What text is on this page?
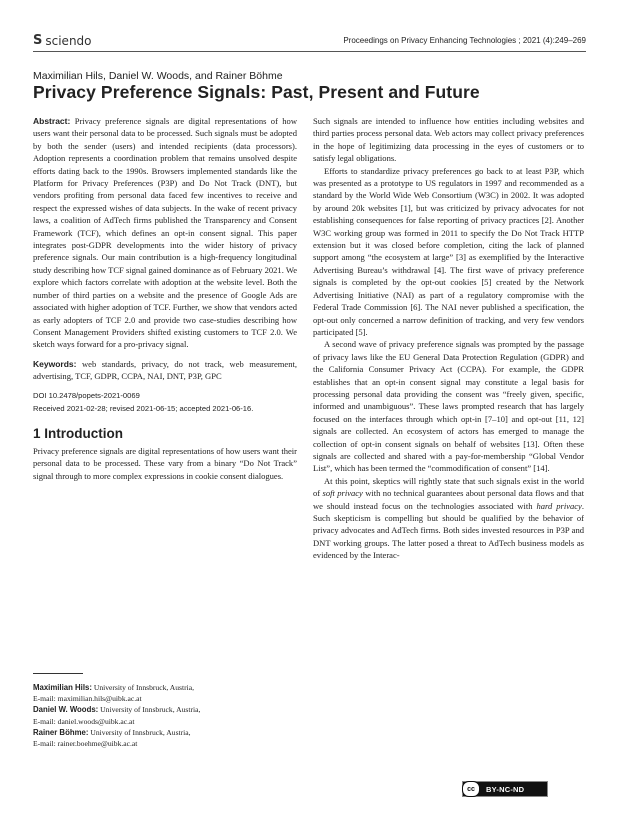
S sciendo	Proceedings on Privacy Enhancing Technologies ; 2021 (4):249–269
Maximilian Hils, Daniel W. Woods, and Rainer Böhme
Privacy Preference Signals: Past, Present and Future

Abstract: Privacy preference signals are digital representations of how users want their personal data to be processed. Such signals must be adopted by both the sender (users) and intended recipients (data processors). Adoption represents a coordination problem that remains unsolved despite efforts dating back to the 1990s. Browsers implemented standards like the Platform for Privacy Preferences (P3P) and Do Not Track (DNT), but vendors profiting from personal data faced few incentives to receive and respect the expressed wishes of data subjects. In the wake of recent privacy laws, a coalition of AdTech firms published the Transparency and Consent Framework (TCF), which defines an opt-in consent signal. This paper integrates post-GDPR developments into the wider history of privacy preference signals. Our main contribution is a high-frequency longitudinal study describing how TCF signal gained dominance as of February 2021. We explore which factors correlate with adoption at the website level. Both the number of third parties on a website and the presence of Google Ads are associated with higher adoption of TCF. Further, we show that vendors acted as early adopters of TCF 2.0 and provide two case-studies describing how Consent Management Providers shifted existing customers to TCF 2.0. We sketch ways forward for a pro-privacy signal.

Keywords: web standards, privacy, do not track, web measurement, advertising, TCF, GDPR, CCPA, NAI, DNT, P3P, GPC

DOI 10.2478/popets-2021-0069
Received 2021-02-28; revised 2021-06-15; accepted 2021-06-16.
1 Introduction

Privacy preference signals are digital representations of how users want their personal data to be processed. These vary from a binary “Do Not Track” signal through to more complex expressions in cookie consent dialogues.

Maximilian Hils: University of Innsbruck, Austria,
E-mail: maximilian.hils@uibk.ac.at
Daniel W. Woods: University of Innsbruck, Austria,
E-mail: daniel.woods@uibk.ac.at
Rainer Böhme: University of Innsbruck, Austria,
E-mail: rainer.boehme@uibk.ac.at

Such signals are intended to influence how entities including websites and third parties process personal data. Web actors may collect privacy preferences in the hope of legitimizing data processing in the eyes of customers or to satisfy legal obligations.

Efforts to standardize privacy preferences go back to at least P3P, which was presented as a prototype to US regulators in 1997 and recommended as a standard by the World Wide Web Consortium (W3C) in 2002. It was adopted by around 20k websites [1], but was criticized by privacy advocates for not establishing consequences for false reporting of privacy practices [2]. Another W3C working group was formed in 2011 to specify the Do Not Track HTTP extension but it was closed before completion, citing the lack of planned support among “the ecosystem at large” [3] as exemplified by the Interactive Advertising Bureau’s withdrawal [4]. The first wave of privacy preference signals is completed by the opt-out cookies [5] created by the Network Advertising Initiative (NAI) as part of a regulatory compromise with the Federal Trade Commission [6]. The NAI never published a specification, the opt-out only concerned a narrow definition of tracking, and very few vendors participated [5].

A second wave of privacy preference signals was prompted by the passage of privacy laws like the EU General Data Protection Regulation (GDPR) and the California Consumer Privacy Act (CCPA). For example, the GDPR establishes that an opt-in consent signal may constitute a legal basis for processing personal data providing the consent was “freely given, specific, informed and unambiguous”. These laws prompted research that has largely focused on the interfaces through which opt-in [7–10] and opt-out [11, 12] signals are collected. An ecosystem of actors has emerged to manage the collection of opt-in consent signals on behalf of websites [13]. Often these signals are collected and shared with a pay-for-membership “Global Vendor List”, which has been termed the “commodification of consent” [14].

At this point, skeptics will rightly state that such signals exist in the world of soft privacy with no technical guarantees about personal data flows and that we should instead focus on the technologies associated with hard privacy. Such skepticism is compelling but should be qualified by the behavior of privacy advocates and AdTech firms. Both sides invested resources in P3P and DNT working groups. The latter posed a threat to AdTech business models as evidenced by the Interac-

cc	BY-NC-ND
